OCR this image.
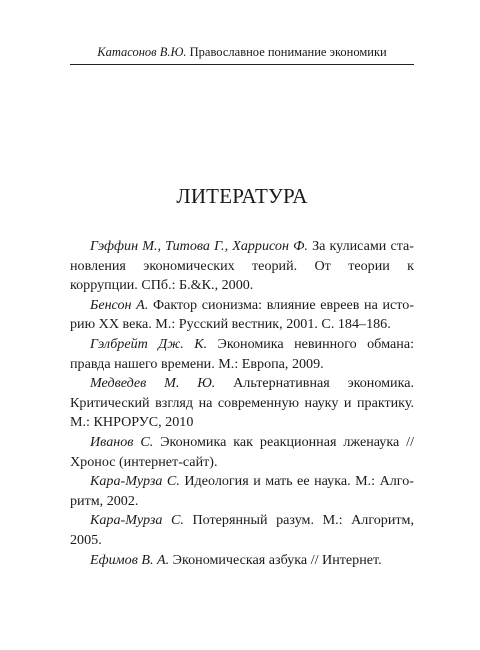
Катасонов В.Ю. Православное понимание экономики
ЛИТЕРАТУРА
Гэффин М., Титова Г., Харрисон Ф. За кулисами становления экономических теорий. От теории к коррупции. СПб.: Б.&К., 2000.
Бенсон А. Фактор сионизма: влияние евреев на историю XX века. М.: Русский вестник, 2001. С. 184–186.
Гэлбрейт Дж. К. Экономика невинного обмана: правда нашего времени. М.: Европа, 2009.
Медведев М. Ю. Альтернативная экономика. Критический взгляд на современную науку и практику. М.: КНРОРУС, 2010
Иванов С. Экономика как реакционная лженаука // Хронос (интернет-сайт).
Кара-Мурза С. Идеология и мать ее наука. М.: Алгоритм, 2002.
Кара-Мурза С. Потерянный разум. М.: Алгоритм, 2005.
Ефимов В. А. Экономическая азбука // Интернет.
